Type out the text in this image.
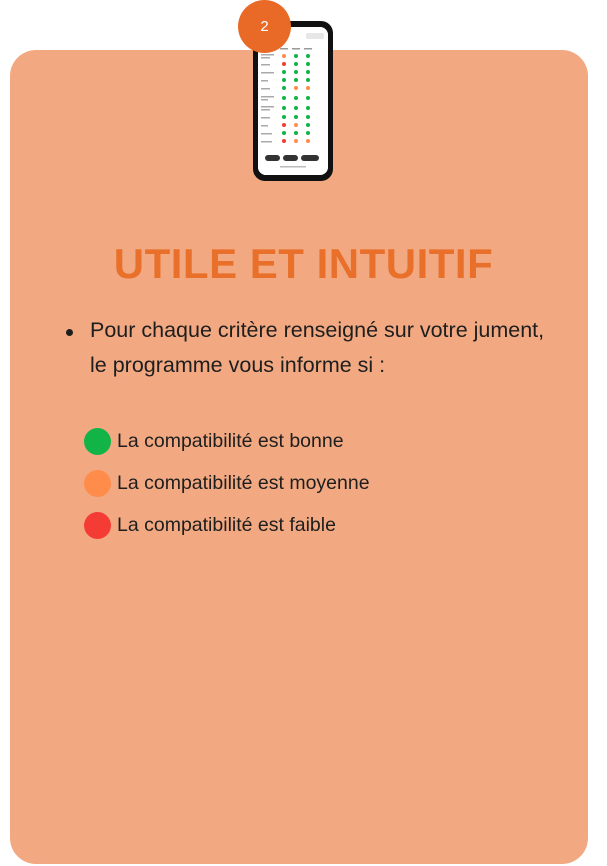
2
UTILE ET INTUITIF
Pour chaque critère renseigné sur votre jument, le programme vous informe si :
La compatibilité est bonne
La compatibilité est moyenne
La compatibilité est faible
